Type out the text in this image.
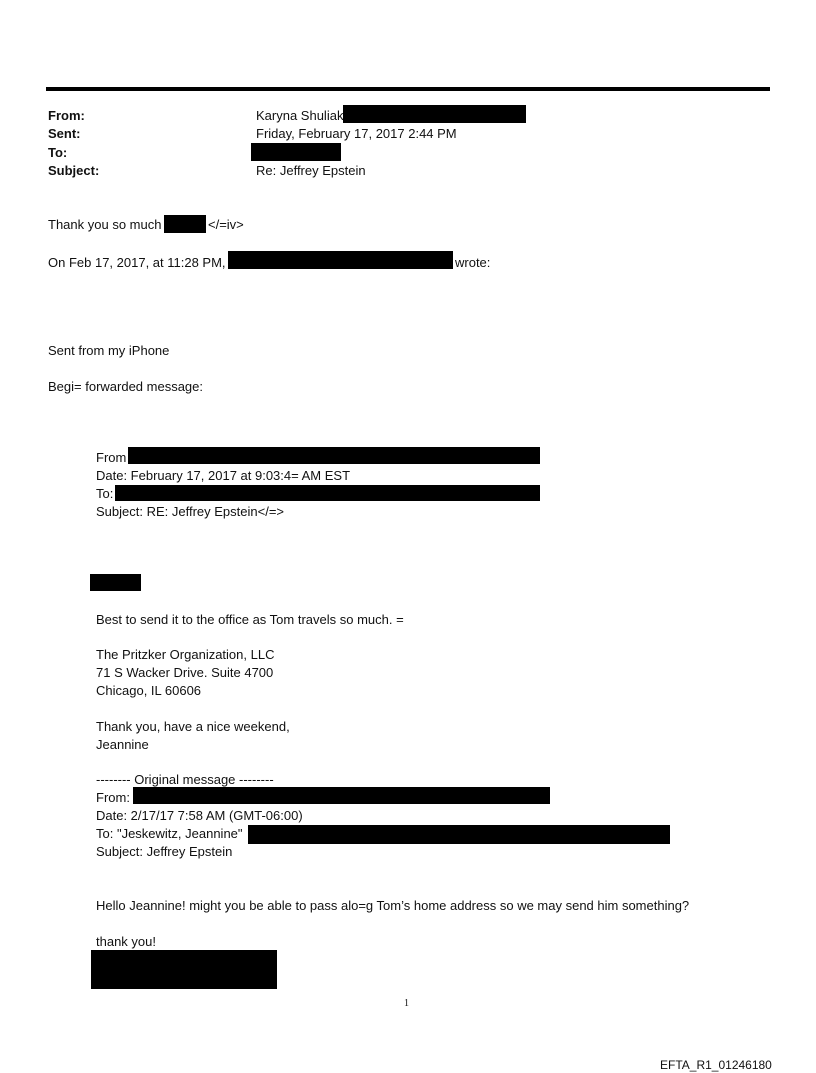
From:	Karyna Shuliak
Sent:	Friday, February 17, 2017 2:44 PM
To:
Subject:	Re: Jeffrey Epstein
Thank you so much	</=iv>
On Feb 17, 2017, at 11:28 PM,	wrote:
Sent from my iPhone
Begi= forwarded message:
From
Date: February 17, 2017 at 9:03:4= AM EST
To:
Subject: RE: Jeffrey Epstein</=>
Best to send it to the office as Tom travels so much. =
The Pritzker Organization, LLC
71 S Wacker Drive. Suite 4700
Chicago, IL 60606
Thank you, have a nice weekend,
Jeannine
-------- Original message --------
From:
Date: 2/17/17 7:58 AM (GMT-06:00)
To: "Jeskewitz, Jeannine"
Subject: Jeffrey Epstein
Hello Jeannine! might you be able to pass alo=g Tom’s home address so we may send him something?
thank you!
1
EFTA_R1_01246180
